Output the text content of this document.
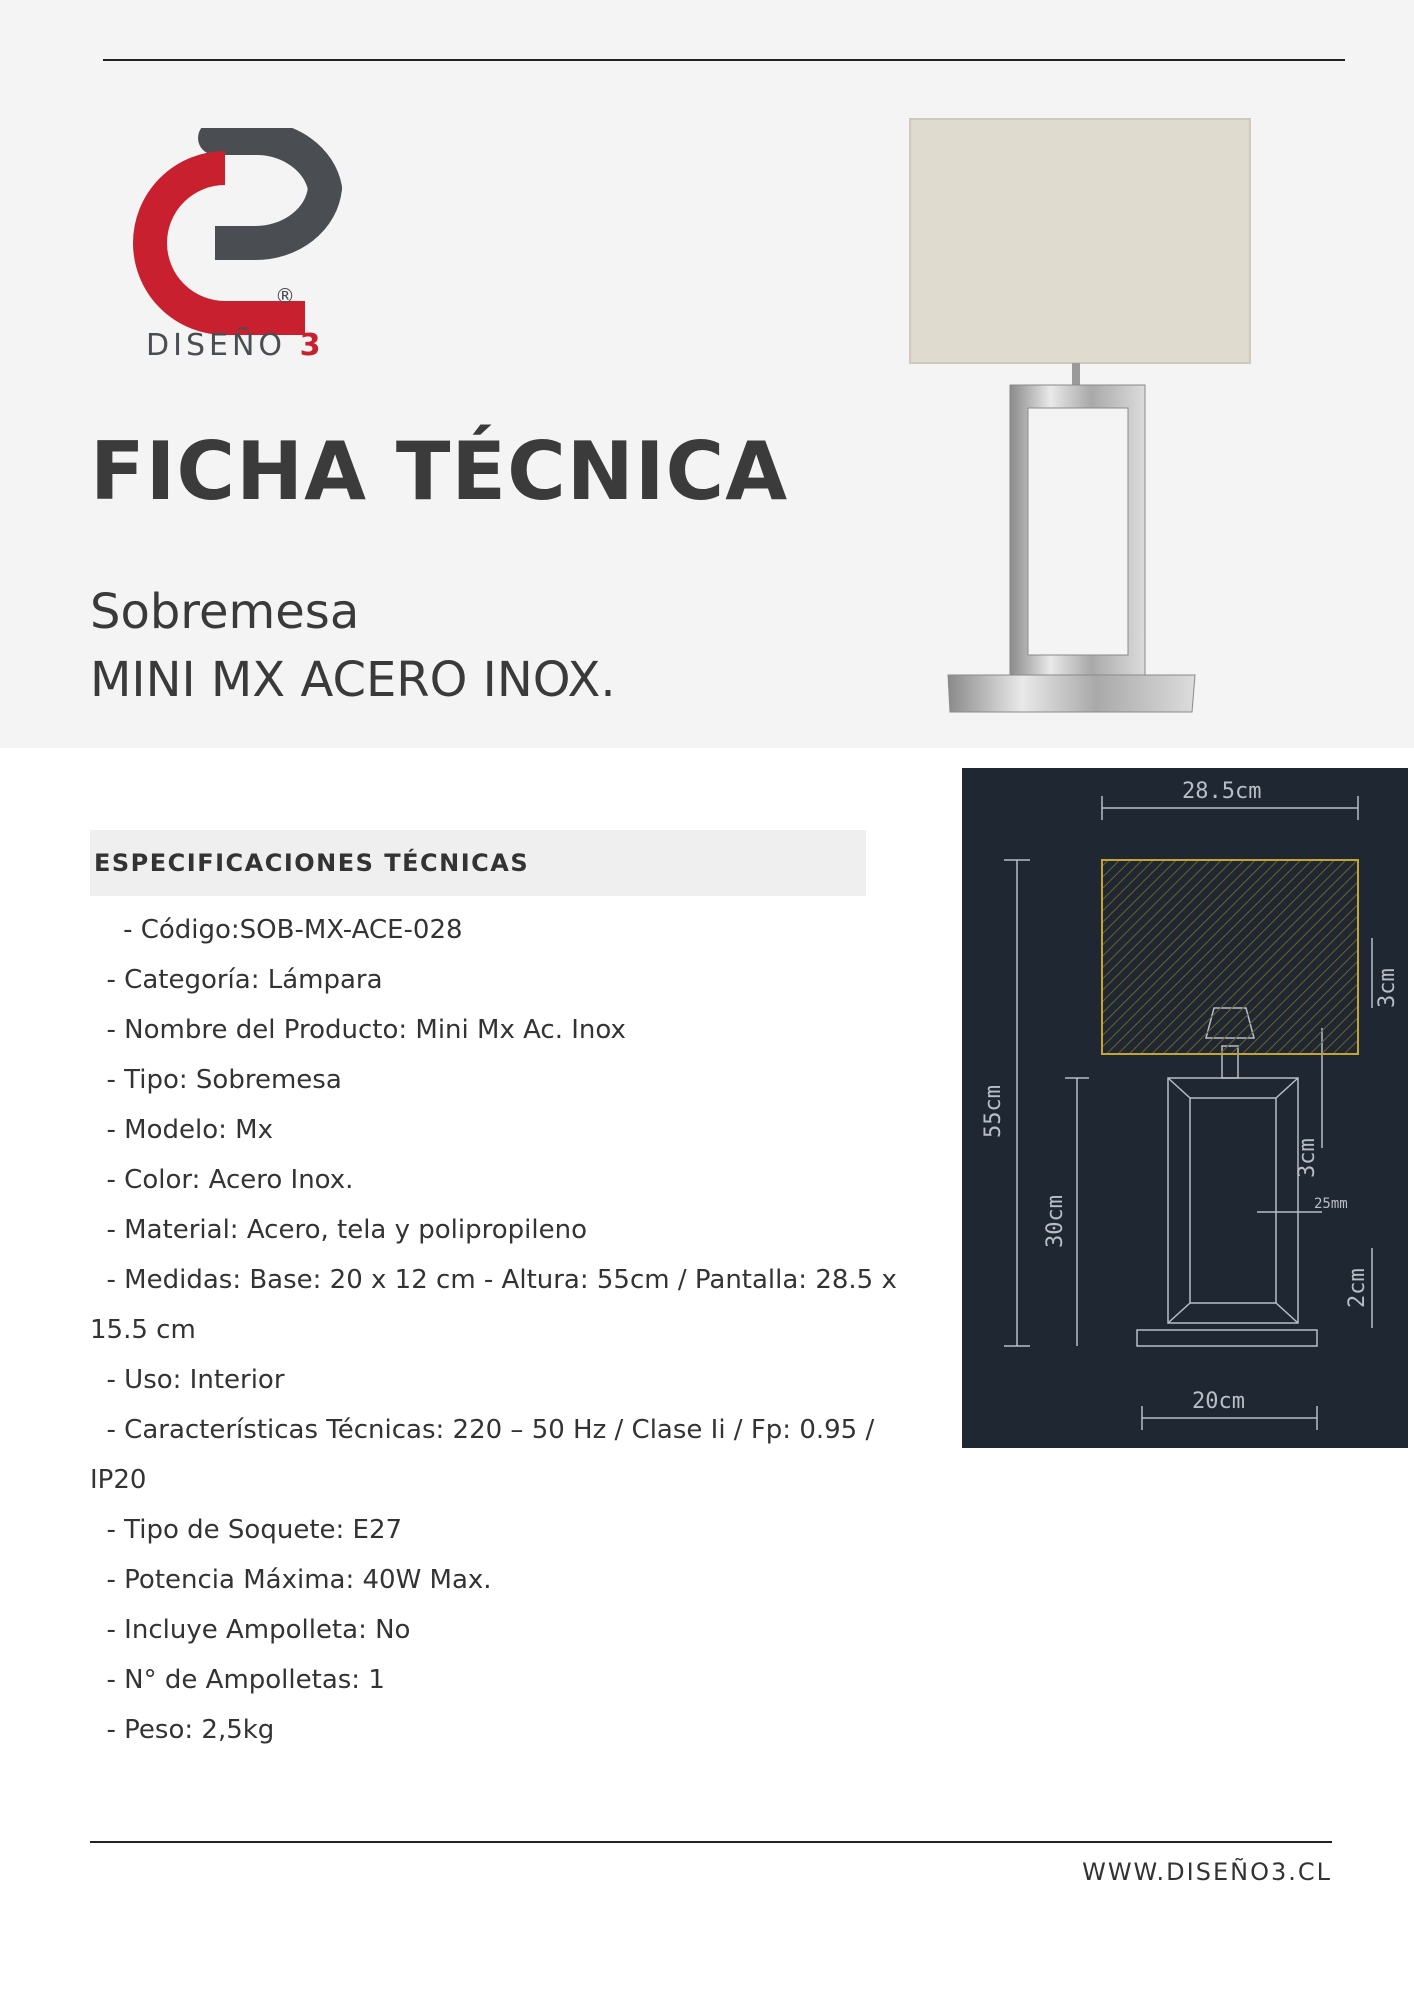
®
DISEÑO 3
FICHA TÉCNICA
Sobremesa
MINI MX ACERO INOX.
ESPECIFICACIONES TÉCNICAS
- Código:SOB-MX-ACE-028
- Categoría: Lámpara
- Nombre del Producto: Mini Mx Ac. Inox
- Tipo: Sobremesa
- Modelo: Mx
- Color: Acero Inox.
- Material: Acero, tela y polipropileno
- Medidas: Base: 20 x 12 cm - Altura: 55cm / Pantalla: 28.5 x 15.5 cm
- Uso: Interior
- Características Técnicas: 220 – 50 Hz / Clase Ii / Fp: 0.95 / IP20
- Tipo de Soquete: E27
- Potencia Máxima: 40W Max.
- Incluye Ampolleta: No
- N° de Ampolletas: 1
- Peso: 2,5kg
28.5cm
55cm
30cm
3cm
3cm
25mm
2cm
20cm
WWW.DISEÑO3.CL
